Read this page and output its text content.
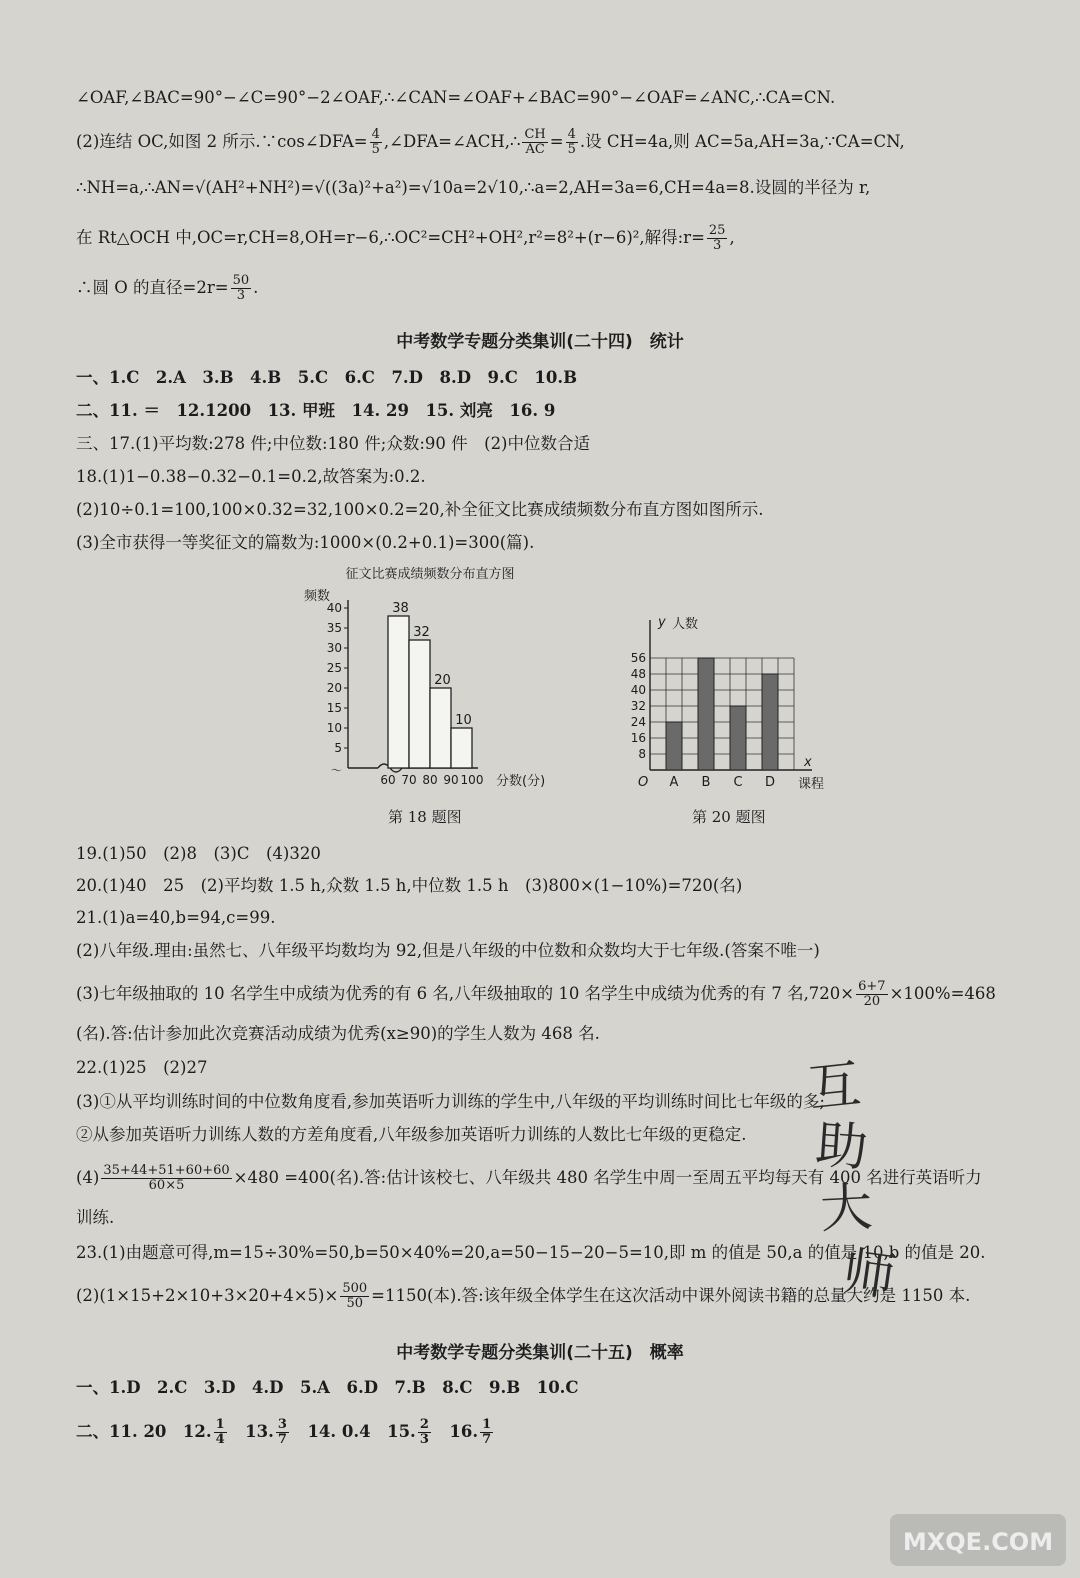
∠OAF,∠BAC=90°−∠C=90°−2∠OAF,∴∠CAN=∠OAF+∠BAC=90°−∠OAF=∠ANC,∴CA=CN.
(2)连结 OC,如图 2 所示.∵cos∠DFA= $\frac{4}{5}$ ,∠DFA=∠ACH,∴ $\frac{CH}{AC} = \frac{4}{5}$ .设 CH=4a,则 AC=5a,AH=3a,∵CA=CN,
∴NH=a,∴AN=√(AH²+NH²)=√((3a)²+a²)=√10a=2√10,∴a=2,AH=3a=6,CH=4a=8.设圆的半径为 r,
在 Rt△OCH 中,OC=r,CH=8,OH=r−6,∴OC²=CH²+OH²,r²=8²+(r−6)²,解得:r= $\frac{25}{3}$ ,
∴圆 O 的直径$=2r= \frac{50}{3}$ .
中考数学专题分类集训(二十四)　统计
一、1.C　2.A　3.B　4.B　5.C　6.C　7.D　8.D　9.C　10.B
二、11. ＝　12.1200　13. 甲班　14. 29　15. 刘亮　16. 9
三、17.(1)平均数:278 件;中位数:180 件;众数:90 件　(2)中位数合适
18.(1)1−0.38−0.32−0.1=0.2,故答案为:0.2.
(2)10÷0.1=100,100×0.32=32,100×0.2=20,补全征文比赛成绩频数分布直方图如图所示.
(3)全市获得一等奖征文的篇数为:1000×(0.2+0.1)=300(篇).
征文比赛成绩频数分布直方图
频数
5
10
15
20
25
30
35
40	38
32
20
10
60 70 80 90 100 分数(分)
〜
第 18 题图
y 人数
x
课程
O
8
16
24
32
40
48
56
A B C D
第 20 题图
19.(1)50　(2)8　(3)C　(4)320
20.(1)40　25　(2)平均数 1.5 h,众数 1.5 h,中位数 1.5 h　(3)800×(1−10%)=720(名)
21.(1)a=40,b=94,c=99.
(2)八年级.理由:虽然七、八年级平均数均为 92,但是八年级的中位数和众数均大于七年级.(答案不唯一)
(3)七年级抽取的 10 名学生中成绩为优秀的有 6 名,八年级抽取的 10 名学生中成绩为优秀的有 7 名$,720\times \frac{6+7}{20} \times 100\%=468$
(名).答:估计参加此次竞赛活动成绩为优秀(x≥90)的学生人数为 468 名.
22.(1)25　(2)27
(3)①从平均训练时间的中位数角度看,参加英语听力训练的学生中,八年级的平均训练时间比七年级的多;
②从参加英语听力训练人数的方差角度看,八年级参加英语听力训练的人数比七年级的更稳定.
$(4) \frac{35+44+51+60+60}{60\times 5} \times 480 =400$(名).答:估计该校七、八年级共 480 名学生中周一至周五平均每天有 400 名进行英语听力
训练.
23.(1)由题意可得,m=15÷30%=50,b=50×40%=20,a=50−15−20−5=10,即 m 的值是 50,a 的值是 10,b 的值是 20.
$(2)(1\times 15+2\times 10+3\times 20+4\times 5)\times \frac{500}{50} =1150$(本).答:该年级全体学生在这次活动中课外阅读书籍的总量大约是 1150 本.
中考数学专题分类集训(二十五)　概率
一、1.D　2.C　3.D　4.D　5.A　6.D　7.B　8.C　9.B　10.C
二、11. 20　12. $\frac{1}{4}$ 　13. $\frac{3}{7}$ 　14. 0.4　15. $\frac{2}{3}$ 　16. $\frac{1}{7}$
互
助
大
师
MXQE.COM
